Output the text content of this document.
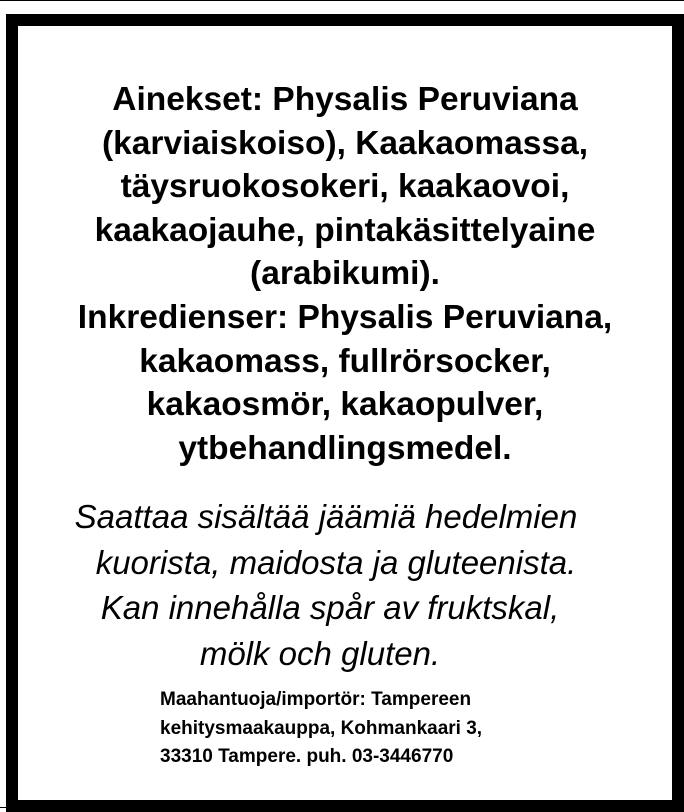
Ainekset: Physalis Peruviana
(karviaiskoiso), Kaakaomassa,
täysruokosokeri, kaakaovoi,
kaakaojauhe, pintakäsittelyaine
(arabikumi).
Inkredienser: Physalis Peruviana,
kakaomass, fullrörsocker,
kakaosmör, kakaopulver,
ytbehandlingsmedel.

Saattaa sisältää jäämiä hedelmien
kuorista, maidosta ja gluteenista.
Kan innehålla spår av fruktskal,
mölk och gluten.

Maahantuoja/importör: Tampereen
kehitysmaakauppa, Kohmankaari 3,
33310 Tampere. puh. 03-3446770
